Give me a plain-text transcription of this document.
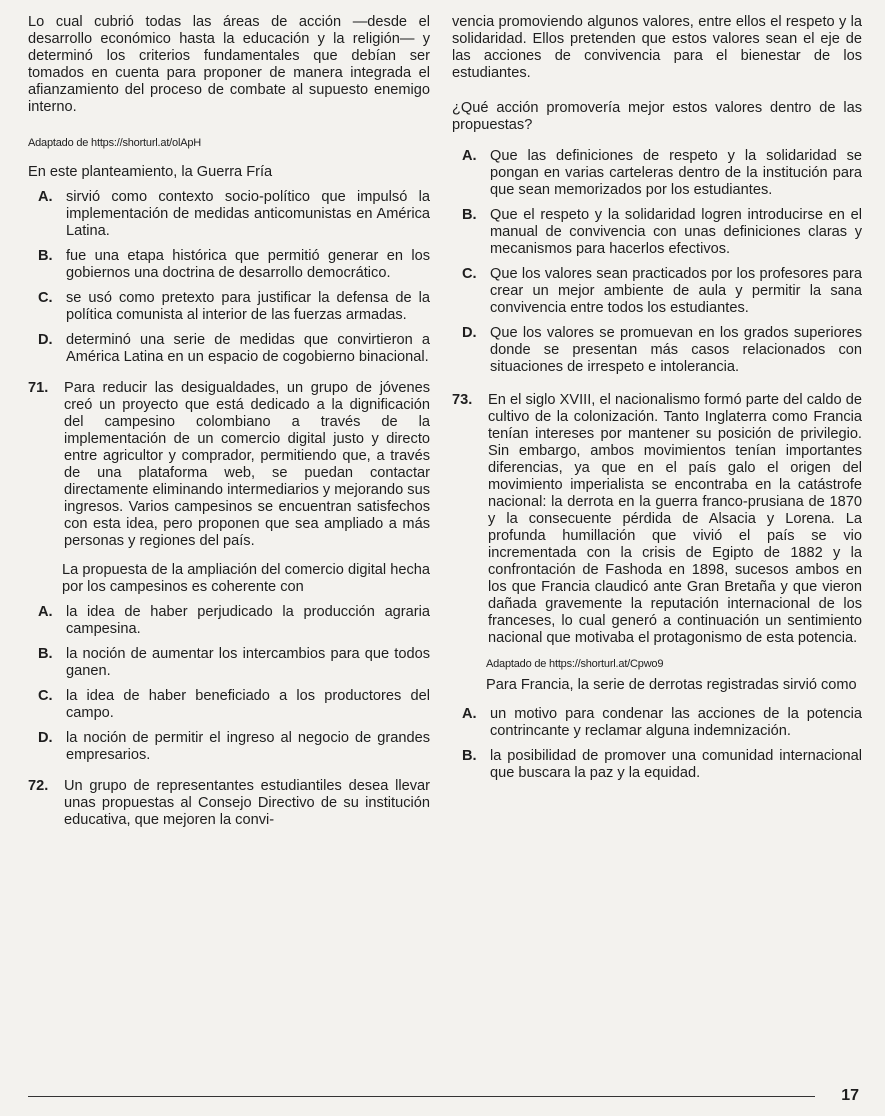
Lo cual cubrió todas las áreas de acción —desde el desarrollo económico hasta la educación y la religión— y determinó los criterios fundamentales que debían ser tomados en cuenta para proponer de manera integrada el afianzamiento del proceso de combate al supuesto enemigo interno.

Adaptado de https://shorturl.at/olApH

En este planteamiento, la Guerra Fría

A. sirvió como contexto socio-político que impulsó la implementación de medidas anticomunistas en América Latina.
B. fue una etapa histórica que permitió generar en los gobiernos una doctrina de desarrollo democrático.
C. se usó como pretexto para justificar la defensa de la política comunista al interior de las fuerzas armadas.
D. determinó una serie de medidas que convirtieron a América Latina en un espacio de cogobierno binacional.
71.	Para reducir las desigualdades, un grupo de jóvenes creó un proyecto que está dedicado a la dignificación del campesino colombiano a través de la implementación de un comercio digital justo y directo entre agricultor y comprador, permitiendo que, a través de una plataforma web, se puedan contactar directamente eliminando intermediarios y mejorando sus ingresos. Varios campesinos se encuentran satisfechos con esta idea, pero proponen que sea ampliado a más personas y regiones del país.

La propuesta de la ampliación del comercio digital hecha por los campesinos es coherente con

A. la idea de haber perjudicado la producción agraria campesina.
B. la noción de aumentar los intercambios para que todos ganen.
C. la idea de haber beneficiado a los productores del campo.
D. la noción de permitir el ingreso al negocio de grandes empresarios.
72.	Un grupo de representantes estudiantiles desea llevar unas propuestas al Consejo Directivo de su institución educativa, que mejoren la convi-

vencia promoviendo algunos valores, entre ellos el respeto y la solidaridad. Ellos pretenden que estos valores sean el eje de las acciones de convivencia para el bienestar de los estudiantes.

¿Qué acción promovería mejor estos valores dentro de las propuestas?

A. Que las definiciones de respeto y la solidaridad se pongan en varias carteleras dentro de la institución para que sean memorizados por los estudiantes.
B. Que el respeto y la solidaridad logren introducirse en el manual de convivencia con unas definiciones claras y mecanismos para hacerlos efectivos.
C. Que los valores sean practicados por los profesores para crear un mejor ambiente de aula y permitir la sana convivencia entre todos los estudiantes.
D. Que los valores se promuevan en los grados superiores donde se presentan más casos relacionados con situaciones de irrespeto e intolerancia.
73.	En el siglo XVIII, el nacionalismo formó parte del caldo de cultivo de la colonización. Tanto Inglaterra como Francia tenían intereses por mantener su posición de privilegio. Sin embargo, ambos movimientos tenían importantes diferencias, ya que en el país galo el origen del movimiento imperialista se encontraba en la catástrofe nacional: la derrota en la guerra franco-prusiana de 1870 y la consecuente pérdida de Alsacia y Lorena. La profunda humillación que vivió el país se vio incrementada con la crisis de Egipto de 1882 y la confrontación de Fashoda en 1898, sucesos ambos en los que Francia claudicó ante Gran Bretaña y que vieron dañada gravemente la reputación internacional de los franceses, lo cual generó a continuación un sentimiento nacional que motivaba el protagonismo de esta potencia.

Adaptado de https://shorturl.at/Cpwo9

Para Francia, la serie de derrotas registradas sirvió como

A. un motivo para condenar las acciones de la potencia contrincante y reclamar alguna indemnización.
B. la posibilidad de promover una comunidad internacional que buscara la paz y la equidad.
17
